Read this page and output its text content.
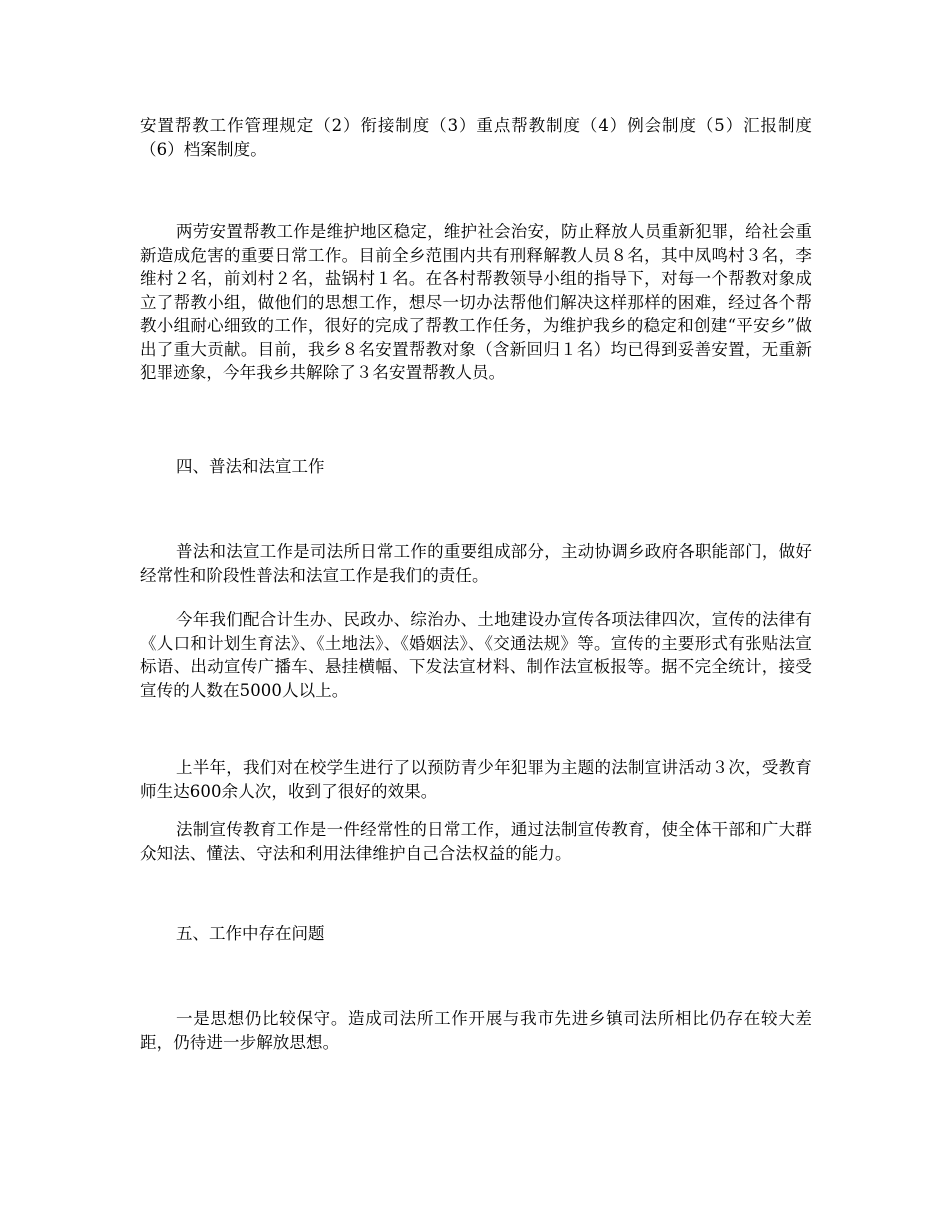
安置帮教工作管理规定（2）衔接制度（3）重点帮教制度（4）例会制度（5）汇报制度（6）档案制度。

两劳安置帮教工作是维护地区稳定，维护社会治安，防止释放人员重新犯罪，给社会重新造成危害的重要日常工作。目前全乡范围内共有刑释解教人员８名，其中凤鸣村３名，李维村２名，前刘村２名，盐锅村１名。在各村帮教领导小组的指导下，对每一个帮教对象成立了帮教小组，做他们的思想工作，想尽一切办法帮他们解决这样那样的困难，经过各个帮教小组耐心细致的工作，很好的完成了帮教工作任务，为维护我乡的稳定和创建“平安乡”做出了重大贡献。目前，我乡８名安置帮教对象（含新回归１名）均已得到妥善安置，无重新犯罪迹象，今年我乡共解除了３名安置帮教人员。

四、普法和法宣工作

普法和法宣工作是司法所日常工作的重要组成部分，主动协调乡政府各职能部门，做好经常性和阶段性普法和法宣工作是我们的责任。

今年我们配合计生办、民政办、综治办、土地建设办宣传各项法律四次，宣传的法律有《人口和计划生育法》、《土地法》、《婚姻法》、《交通法规》等。宣传的主要形式有张贴法宣标语、出动宣传广播车、悬挂横幅、下发法宣材料、制作法宣板报等。据不完全统计，接受宣传的人数在5000人以上。

上半年，我们对在校学生进行了以预防青少年犯罪为主题的法制宣讲活动３次，受教育师生达600余人次，收到了很好的效果。

法制宣传教育工作是一件经常性的日常工作，通过法制宣传教育，使全体干部和广大群众知法、懂法、守法和利用法律维护自己合法权益的能力。

五、工作中存在问题

一是思想仍比较保守。造成司法所工作开展与我市先进乡镇司法所相比仍存在较大差距，仍待进一步解放思想。
